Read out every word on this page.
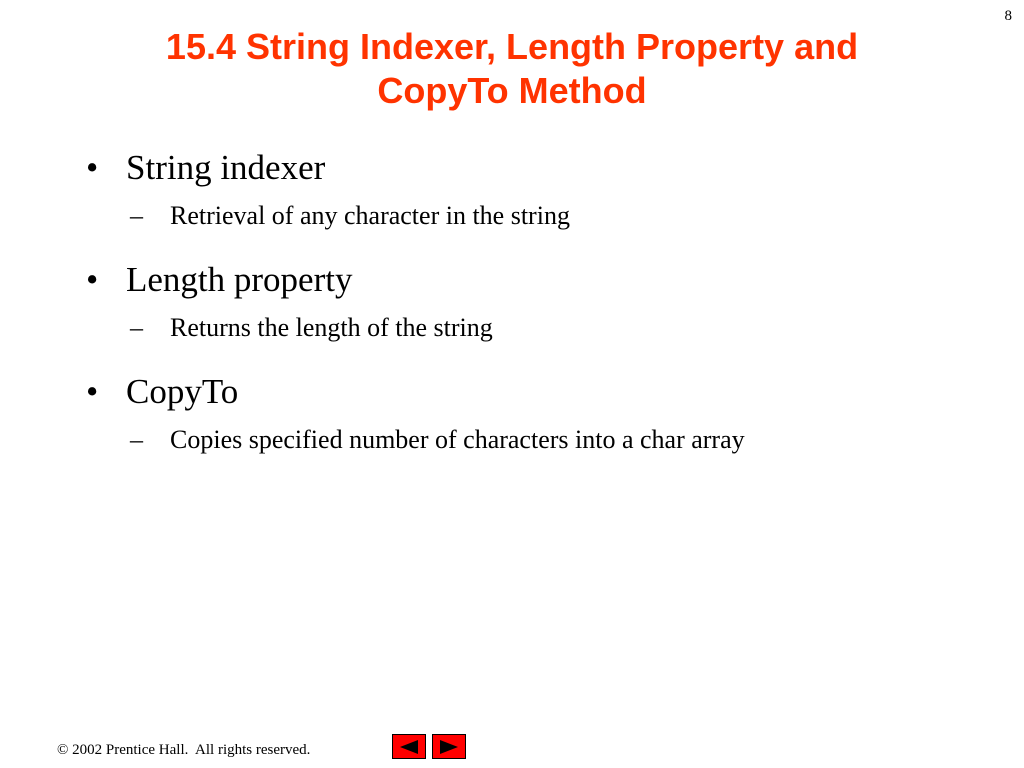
8
15.4 String Indexer, Length Property and
CopyTo Method
• String indexer
– Retrieval of any character in the string
• Length property
– Returns the length of the string
• CopyTo
– Copies specified number of characters into a char array
© 2002 Prentice Hall.  All rights reserved.
